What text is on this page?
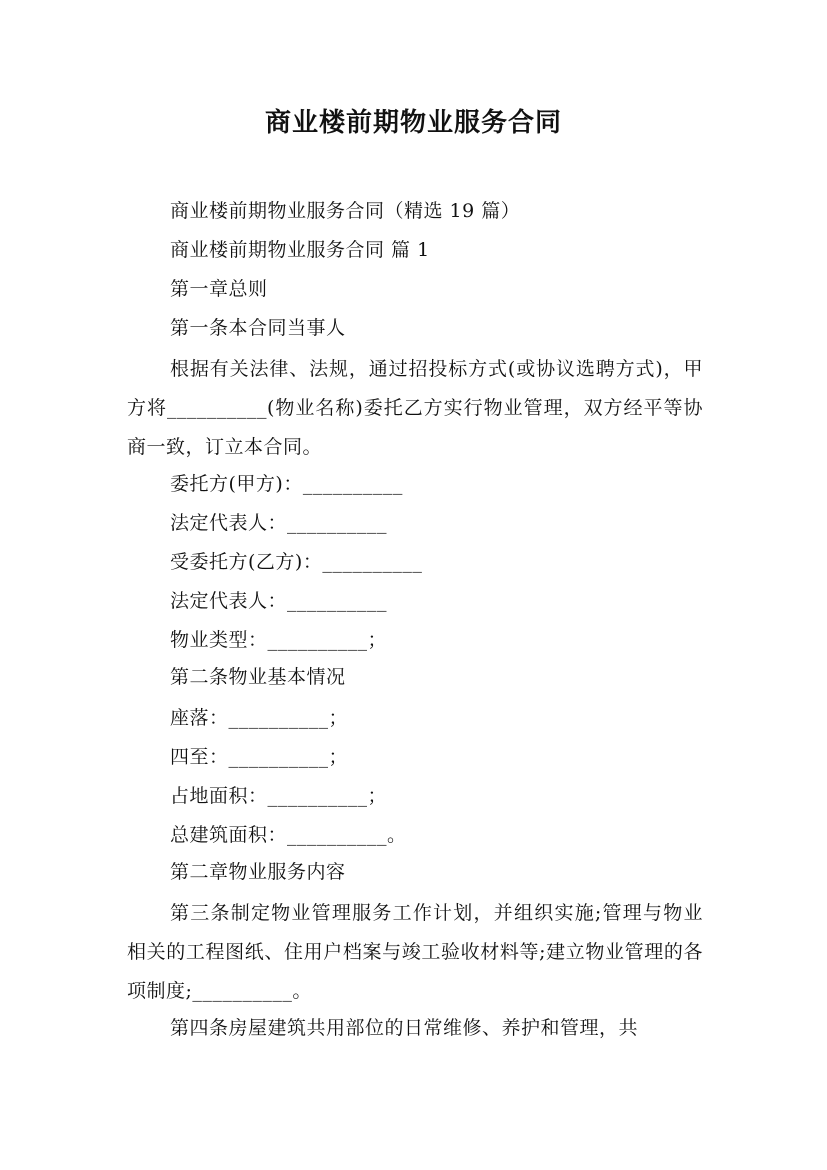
商业楼前期物业服务合同
商业楼前期物业服务合同（精选 19 篇）
商业楼前期物业服务合同 篇 1
第一章总则
第一条本合同当事人
根据有关法律、法规，通过招投标方式(或协议选聘方式)，甲方将__________(物业名称)委托乙方实行物业管理，双方经平等协商一致，订立本合同。
委托方(甲方)：__________
法定代表人：__________
受委托方(乙方)：__________
法定代表人：__________
物业类型：__________；
第二条物业基本情况
座落：__________；
四至：__________；
占地面积：__________；
总建筑面积：__________。
第二章物业服务内容
第三条制定物业管理服务工作计划，并组织实施;管理与物业相关的工程图纸、住用户档案与竣工验收材料等;建立物业管理的各项制度;__________。
第四条房屋建筑共用部位的日常维修、养护和管理，共
